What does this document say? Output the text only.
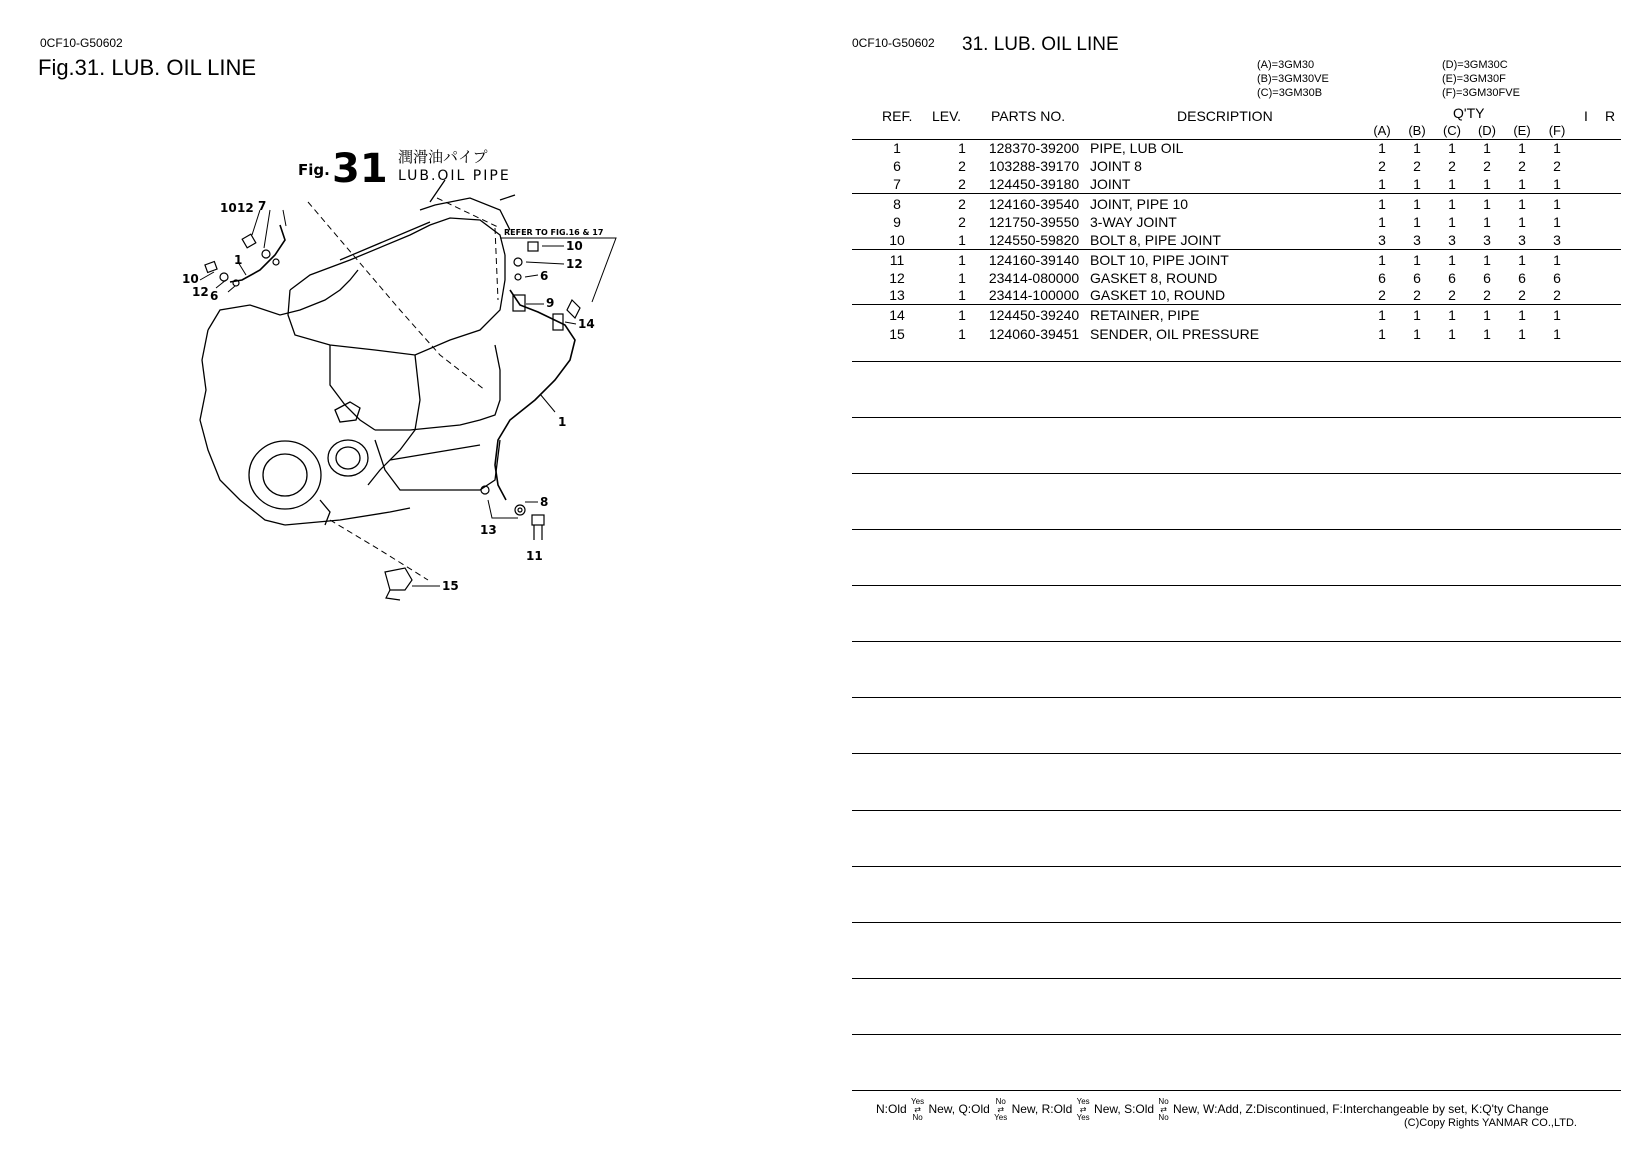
0CF10-G50602
Fig.31. LUB. OIL LINE
Fig. 31 潤滑油パイプ
LUB.OIL PIPE
REFER TO FIG.16 & 17
10 12 7
10
12 6
1
10
12
6
9
14
1
8
13
11
15
0CF10-G50602 31. LUB. OIL LINE
(A)=3GM30
(B)=3GM30VE
(C)=3GM30B
(D)=3GM30C
(E)=3GM30F
(F)=3GM30FVE
REF. LEV. PARTS NO.	DESCRIPTION	Q'TY	I R
(A) (B) (C) (D) (E) (F)
1	1	128370-39200 PIPE, LUB OIL	1	1	1	1	1	1
6	2	103288-39170 JOINT 8	2	2	2	2	2	2
7	2	124450-39180 JOINT	1	1	1	1	1	1
8	2	124160-39540 JOINT, PIPE 10	1	1	1	1	1	1
9	2	121750-39550 3-WAY JOINT	1	1	1	1	1	1
10	1	124550-59820 BOLT 8, PIPE JOINT	3	3	3	3	3	3
11	1	124160-39140 BOLT 10, PIPE JOINT	1	1	1	1	1	1
12	1	23414-080000 GASKET 8, ROUND	6	6	6	6	6	6
13	1	23414-100000 GASKET 10, ROUND	2	2	2	2	2	2
14	1	124450-39240 RETAINER, PIPE	1	1	1	1	1	1
15	1	124060-39451 SENDER, OIL PRESSURE	1	1	1	1	1	1
N:Old Yes
⇄
No New, Q:Old No
⇄
Yes New, R:Old Yes
⇄
Yes New, S:Old No
⇄
No New, W:Add, Z:Discontinued, F:Interchangeable by set, K:Q'ty Change
(C)Copy Rights YANMAR CO.,LTD.
